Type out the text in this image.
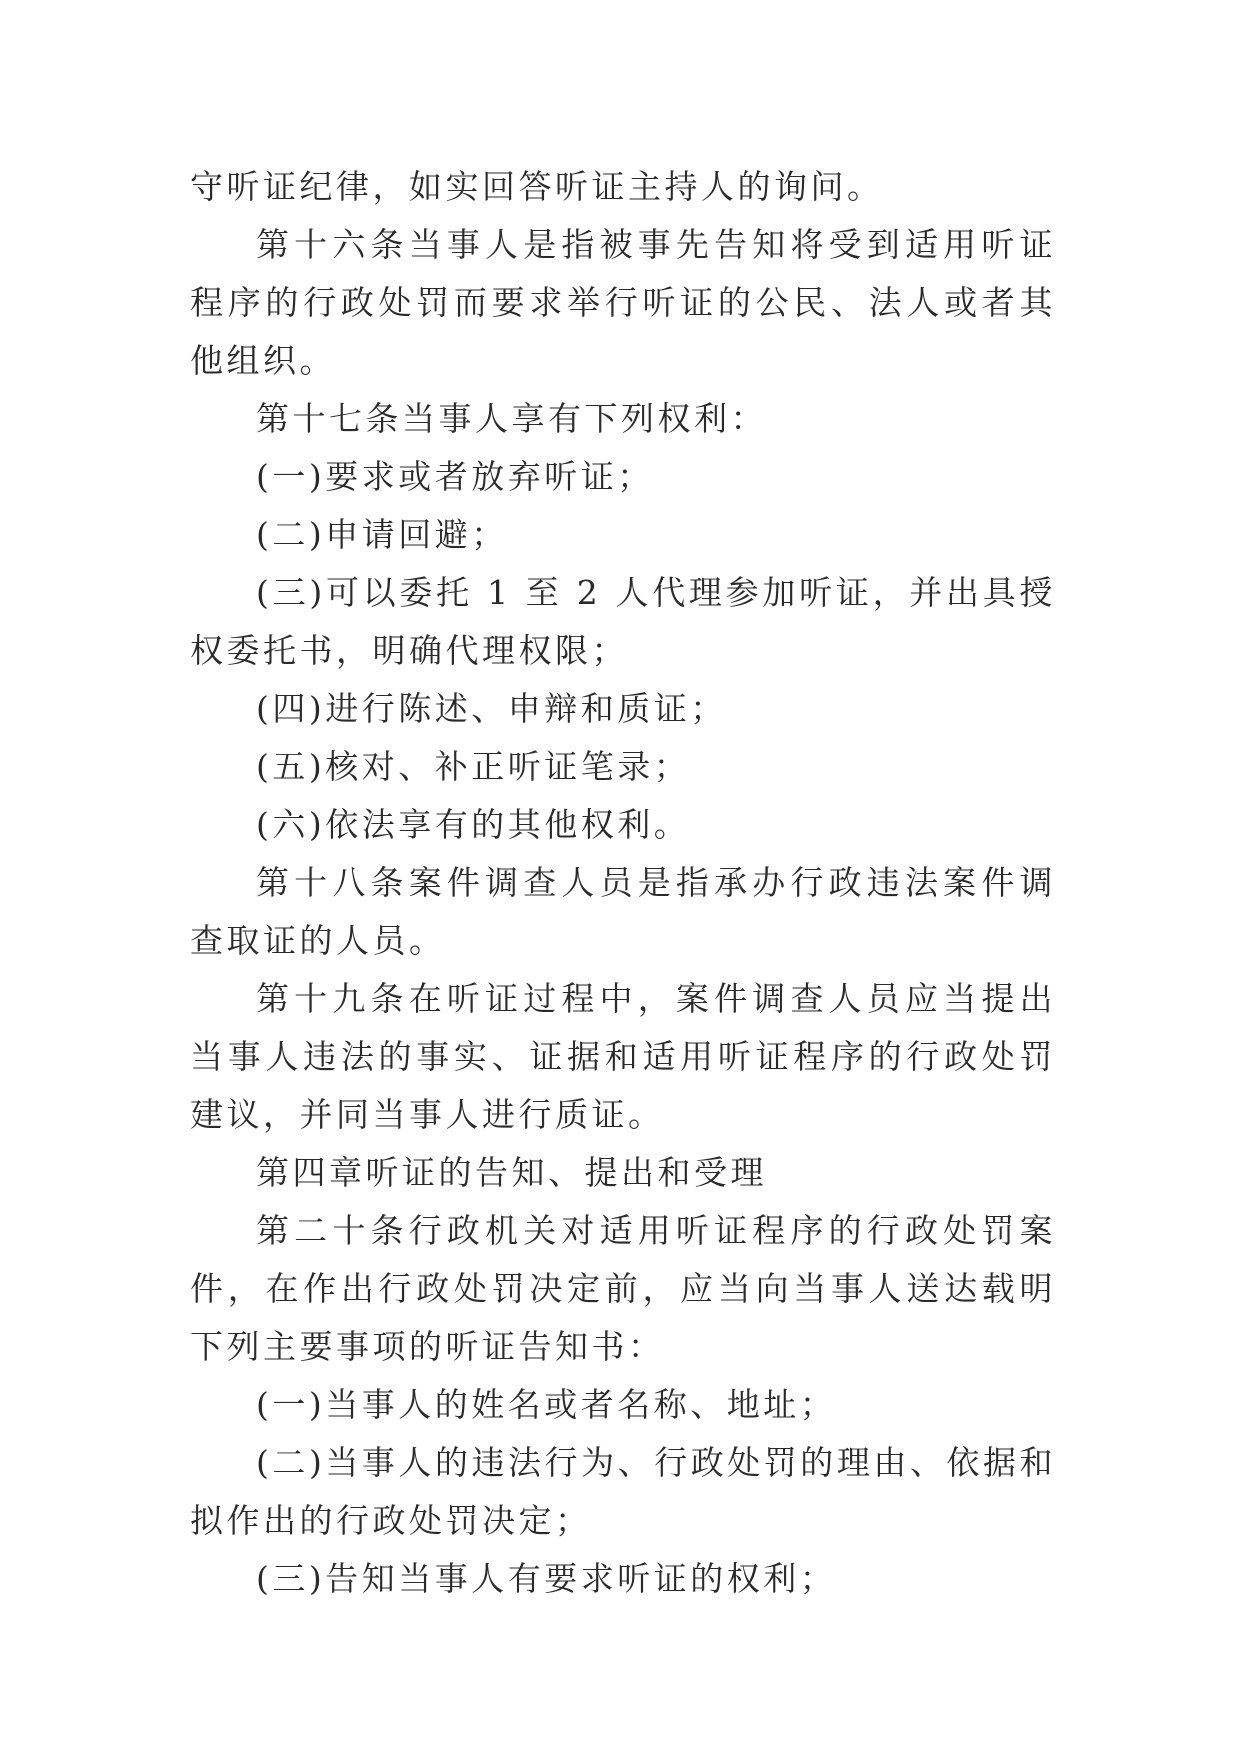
守听证纪律，如实回答听证主持人的询问。

第十六条当事人是指被事先告知将受到适用听证程序的行政处罚而要求举行听证的公民、法人或者其他组织。

第十七条当事人享有下列权利：

(一)要求或者放弃听证；

(二)申请回避；

(三)可以委托 1 至 2 人代理参加听证，并出具授权委托书，明确代理权限；

(四)进行陈述、申辩和质证；

(五)核对、补正听证笔录；

(六)依法享有的其他权利。

第十八条案件调查人员是指承办行政违法案件调查取证的人员。

第十九条在听证过程中，案件调查人员应当提出当事人违法的事实、证据和适用听证程序的行政处罚建议，并同当事人进行质证。

第四章听证的告知、提出和受理

第二十条行政机关对适用听证程序的行政处罚案件，在作出行政处罚决定前，应当向当事人送达载明下列主要事项的听证告知书：

(一)当事人的姓名或者名称、地址；

(二)当事人的违法行为、行政处罚的理由、依据和拟作出的行政处罚决定；

(三)告知当事人有要求听证的权利；
